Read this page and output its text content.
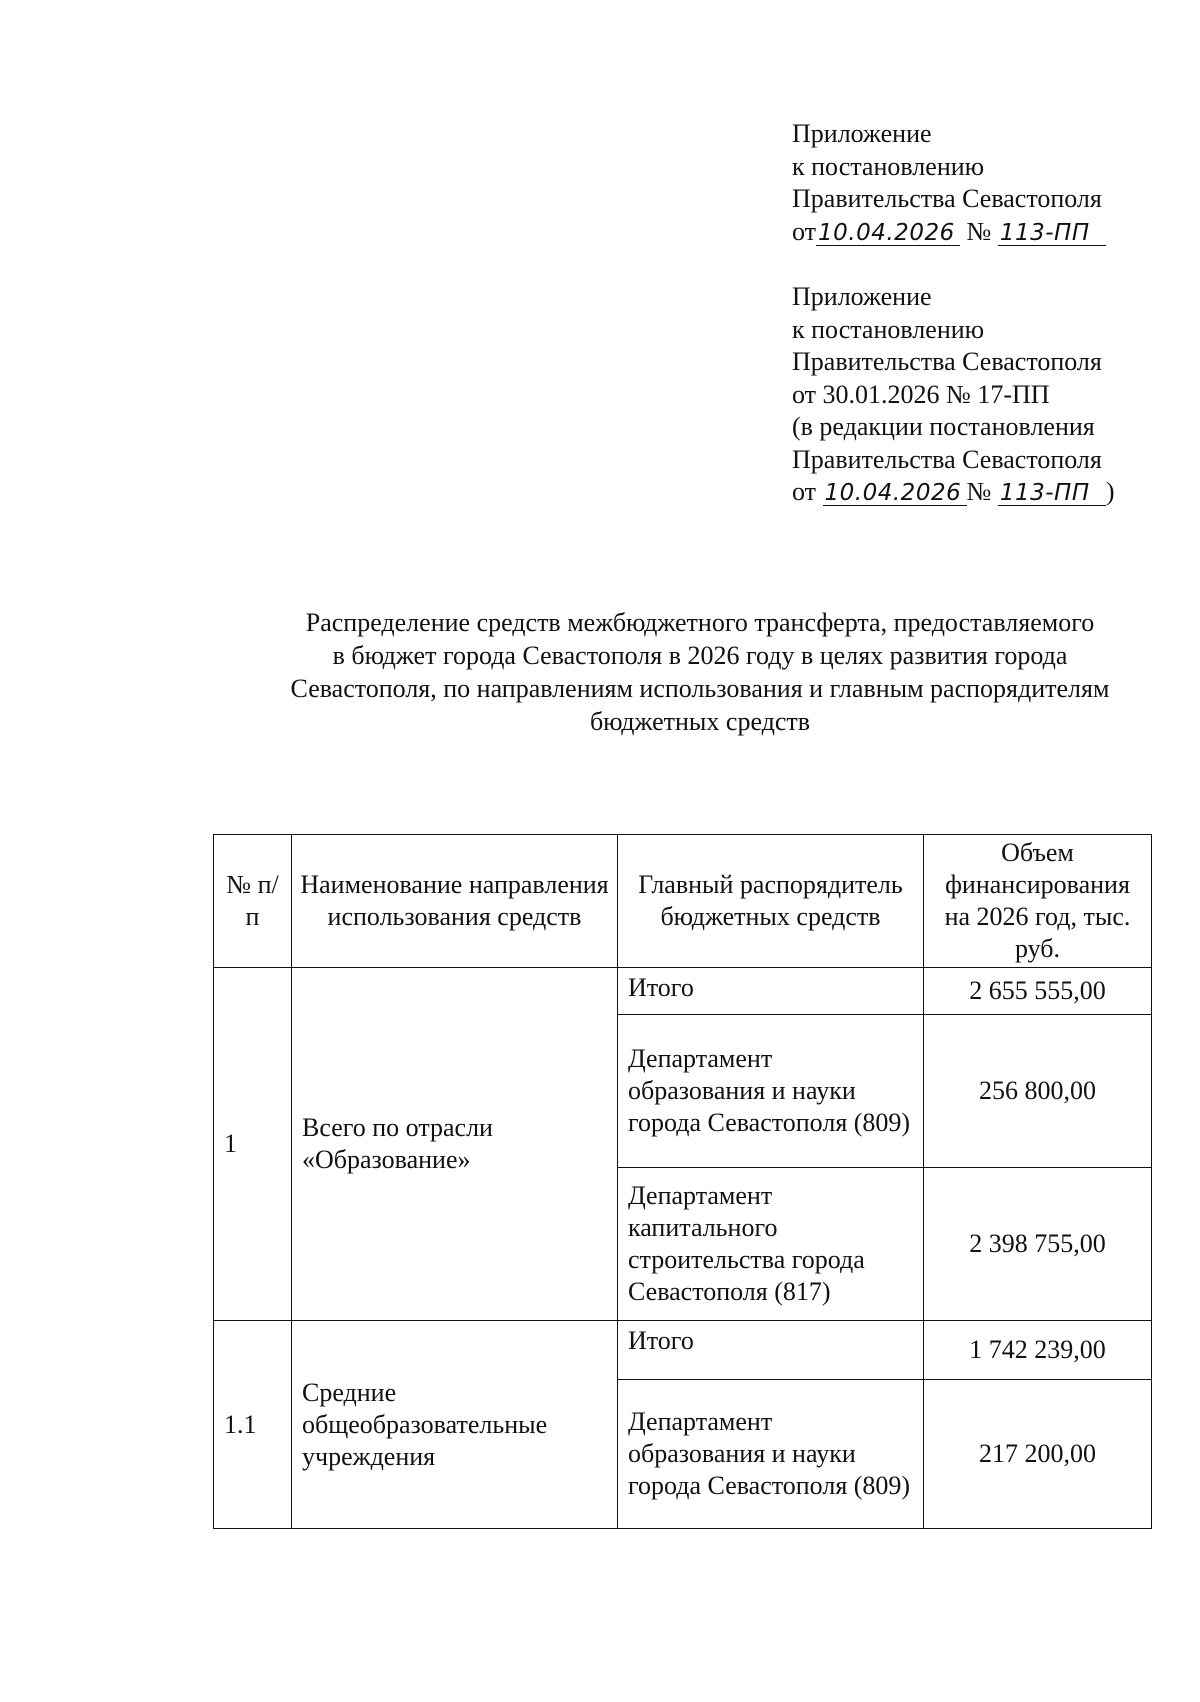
Приложение
к постановлению
Правительства Севастополя
от10.04.2026 № 113-ПП
Приложение
к постановлению
Правительства Севастополя
от 30.01.2026 № 17-ПП
(в редакции постановления
Правительства Севастополя
от 10.04.2026 № 113-ПП )
Распределение средств межбюджетного трансферта, предоставляемого
в бюджет города Севастополя в 2026 году в целях развития города
Севастополя, по направлениям использования и главным распорядителям
бюджетных средств
№ п/п	Наименование направления использования средств	Главный распорядитель бюджетных средств	Объем финансирования на 2026 год, тыс. руб.
1	Всего по отрасли «Образование»	Итого	2 655 555,00
		Департамент образования и науки города Севастополя (809)	256 800,00
		Департамент капитального строительства города Севастополя (817)	2 398 755,00
1.1	Средние общеобразовательные учреждения	Итого	1 742 239,00
		Департамент образования и науки города Севастополя (809)	217 200,00
